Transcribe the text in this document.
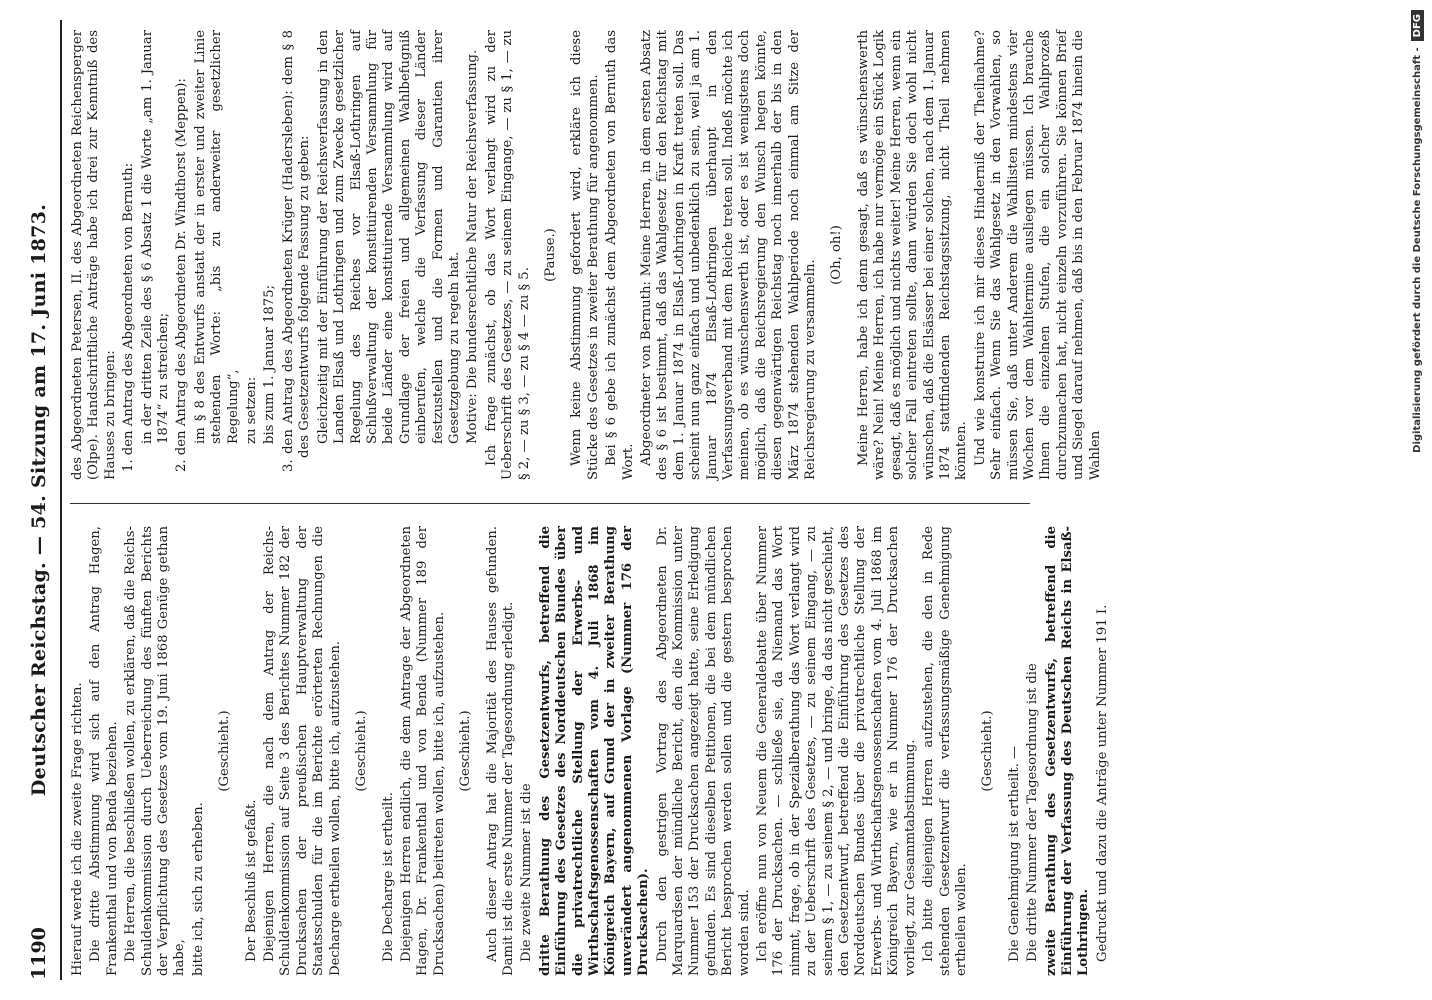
1190
Deutscher Reichstag. — 54. Sitzung am 17. Juni 1873.

Hierauf werde ich die zweite Frage richten. Die dritte Abstimmung wird sich auf den Antrag Hagen, Frankenthal und von Benda beziehen. Die Herren, die beschließen wollen, zu erklären, daß die Reichs-Schuldenkommission durch Ueberreichung des fünften Berichts der Verpflichtung des Gesetzes vom 19. Juni 1868 Genüge gethan habe, bitte ich, sich zu erheben.

(Geschieht.)

Der Beschluß ist gefaßt. Diejenigen Herren, die nach dem Antrag der Reichs-Schuldenkommission auf Seite 3 des Berichtes Nummer 182 der Drucksachen der preußischen Hauptverwaltung der Staatsschulden für die im Berichte erörterten Rechnungen die Decharge ertheilen wollen, bitte ich, aufzustehen. (Geschieht.)

Die Decharge ist ertheilt. Diejenigen Herren endlich, die dem Antrage der Abgeordneten Hagen, Dr. Frankenthal und von Benda (Nummer 189 der Drucksachen) beitreten wollen, bitte ich, aufzustehen. (Geschieht.) Auch dieser Antrag hat die Majorität des Hauses gefunden. Damit ist die erste Nummer der Tagesordnung erledigt. Die zweite Nummer ist die dritte Berathung des Gesetzentwurfs, betreffend die Einführung des Gesetzes des Norddeutschen Bundes über die privatrechtliche Stellung der Erwerbs- und Wirthschaftsgenossenschaften vom 4. Juli 1868 im Königreich Bayern, auf Grund der in zweiter Berathung unverändert angenommenen Vorlage (Nummer 176 der Drucksachen). Durch den gestrigen Vortrag des Abgeordneten Dr. Marquardsen der mündliche Bericht, den die Kommission unter Nummer 153 der Drucksachen angezeigt hatte, seine Erledigung gefunden. Es sind dieselben Petitionen, die bei dem mündlichen Bericht besprochen werden sollen und die gestern besprochen worden sind. Ich eröffne nun von Neuem die Generaldebatte über Nummer 176 der Drucksachen. — schließe sie, da Niemand das Wort nimmt, frage, ob in der Spezialberathung das Wort verlangt wird zu der Ueberschrift des Gesetzes, — zu seinem Eingang, — zu seinem § 1, — zu seinem § 2, — und bringe, da das nicht geschieht, den Gesetzentwurf, betreffend die Einführung des Gesetzes des Norddeutschen Bundes über die privatrechtliche Stellung der Erwerbs- und Wirthschaftsgenossenschaften vom 4. Juli 1868 im Königreich Bayern, wie er in Nummer 176 der Drucksachen vorliegt, zur Gesammtabstimmung. Ich bitte diejenigen Herren aufzustehen, die den in Rede stehenden Gesetzentwurf die verfassungsmäßige Genehmigung ertheilen wollen.

(Geschieht.) Die Genehmigung ist ertheilt. — Die dritte Nummer der Tagesordnung ist die zweite Berathung des Gesetzentwurfs, betreffend die Einführung der Verfassung des Deutschen Reichs in Elsaß-Lothringen. Gedruckt und dazu die Anträge unter Nummer 191 I.

des Abgeordneten Petersen, II. des Abgeordneten Reichensperger (Olpe). Handschriftliche Anträge habe ich drei zur Kenntniß des Hauses zu bringen: 1. den Antrag des Abgeordneten von Bernuth: in der dritten Zeile des § 6 Absatz 1 die Worte „am 1. Januar 1874“ zu streichen; 2. den Antrag des Abgeordneten Dr. Windthorst (Meppen): im § 8 des Entwurfs anstatt der in erster und zweiter Linie stehenden Worte: „bis zu anderweiter gesetzlicher Regelung“, zu setzen: bis zum 1. Januar 1875; 3. den Antrag des Abgeordneten Krüger (Hadersleben): dem § 8 des Gesetzentwurfs folgende Fassung zu geben: Gleichzeitig mit der Einführung der Reichsverfassung in den Landen Elsaß und Lothringen und zum Zwecke gesetzlicher Regelung des Reiches vor Elsaß-Lothringen auf Schlußverwaltung der konstituirenden Versammlung für beide Länder eine konstituirende Versammlung wird auf Grundlage der freien und allgemeinen Wahlbefugniß einberufen, welche die Verfassung dieser Länder festzustellen und die Formen und Garantien ihrer Gesetzgebung zu regeln hat. Motive: Die bundesrechtliche Natur der Reichsverfassung. Ich frage zunächst, ob das Wort verlangt wird zu der Ueberschrift des Gesetzes, — zu seinem Eingange, — zu § 1, — zu § 2, — zu § 3, — zu § 4 — zu § 5.

(Pause.) Wenn keine Abstimmung gefordert wird, erkläre ich diese Stücke des Gesetzes in zweiter Berathung für angenommen. Bei § 6 gebe ich zunächst dem Abgeordneten von Bernuth das Wort. Abgeordneter von Bernuth: Meine Herren, in dem ersten Absatz des § 6 ist bestimmt, daß das Wahlgesetz für den Reichstag mit dem 1. Januar 1874 in Elsaß-Lothringen in Kraft treten soll. Das scheint nun ganz einfach und unbedenklich zu sein, weil ja am 1. Januar 1874 Elsaß-Lothringen überhaupt in den Verfassungsverband mit dem Reiche treten soll. Indeß möchte ich meinen, ob es wünschenswerth ist, oder es ist wenigstens doch möglich, daß die Reichsregierung den Wunsch hegen könnte, diesen gegenwärtigen Reichstag noch innerhalb der bis in den März 1874 stehenden Wahlperiode noch einmal am Sitze der Reichsregierung zu versammeln.

(Oh, oh!) Meine Herren, habe ich denn gesagt, daß es wünschenswerth wäre? Nein! Meine Herren, ich habe nur vermöge ein Stück Logik gesagt, daß es möglich und nichts weiter! Meine Herren, wenn ein solcher Fall eintreten sollte, dann würden Sie doch wohl nicht wünschen, daß die Elsässer bei einer solchen, nach dem 1. Januar 1874 stattfindenden Reichstagssitzung, nicht Theil nehmen könnten. Und wie konstruire ich mir dieses Hinderniß der Theilnahme? Sehr einfach. Wenn Sie das Wahlgesetz in den Vorwahlen, so müssen Sie, daß unter Anderem die Wahllisten mindestens vier Wochen vor dem Wahltermine ausliegen müssen. Ich brauche Ihnen die einzelnen Stufen, die ein solcher Wahlprozeß durchzumachen hat, nicht einzeln vorzuführen. Sie können Brief und Siegel darauf nehmen, daß bis in den Februar 1874 hinein die Wahlen

Digitalisierung gefördert durch die Deutsche Forschungsgemeinschaft -DFG
